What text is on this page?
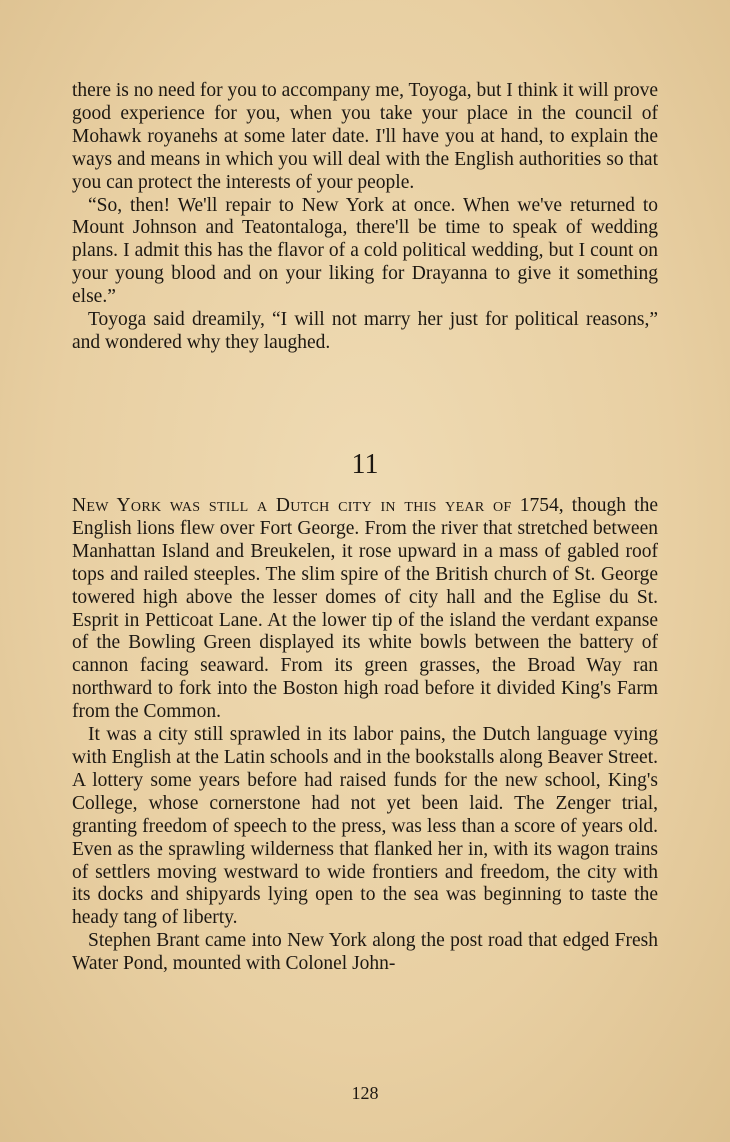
there is no need for you to accompany me, Toyoga, but I think it will prove good experience for you, when you take your place in the council of Mohawk royanehs at some later date. I'll have you at hand, to explain the ways and means in which you will deal with the English authorities so that you can protect the interests of your people.

“So, then! We'll repair to New York at once. When we've returned to Mount Johnson and Teatontaloga, there'll be time to speak of wedding plans. I admit this has the flavor of a cold political wedding, but I count on your young blood and on your liking for Drayanna to give it something else.”

Toyoga said dreamily, “I will not marry her just for political reasons,” and wondered why they laughed.

11

New York was still a Dutch city in this year of 1754, though the English lions flew over Fort George. From the river that stretched between Manhattan Island and Breukelen, it rose upward in a mass of gabled roof tops and railed steeples. The slim spire of the British church of St. George towered high above the lesser domes of city hall and the Eglise du St. Esprit in Petticoat Lane. At the lower tip of the island the verdant expanse of the Bowling Green displayed its white bowls between the battery of cannon facing seaward. From its green grasses, the Broad Way ran northward to fork into the Boston high road before it divided King's Farm from the Common.

It was a city still sprawled in its labor pains, the Dutch language vying with English at the Latin schools and in the bookstalls along Beaver Street. A lottery some years before had raised funds for the new school, King's College, whose cornerstone had not yet been laid. The Zenger trial, granting freedom of speech to the press, was less than a score of years old. Even as the sprawling wilderness that flanked her in, with its wagon trains of settlers moving westward to wide frontiers and freedom, the city with its docks and shipyards lying open to the sea was beginning to taste the heady tang of liberty.

Stephen Brant came into New York along the post road that edged Fresh Water Pond, mounted with Colonel John-

128
